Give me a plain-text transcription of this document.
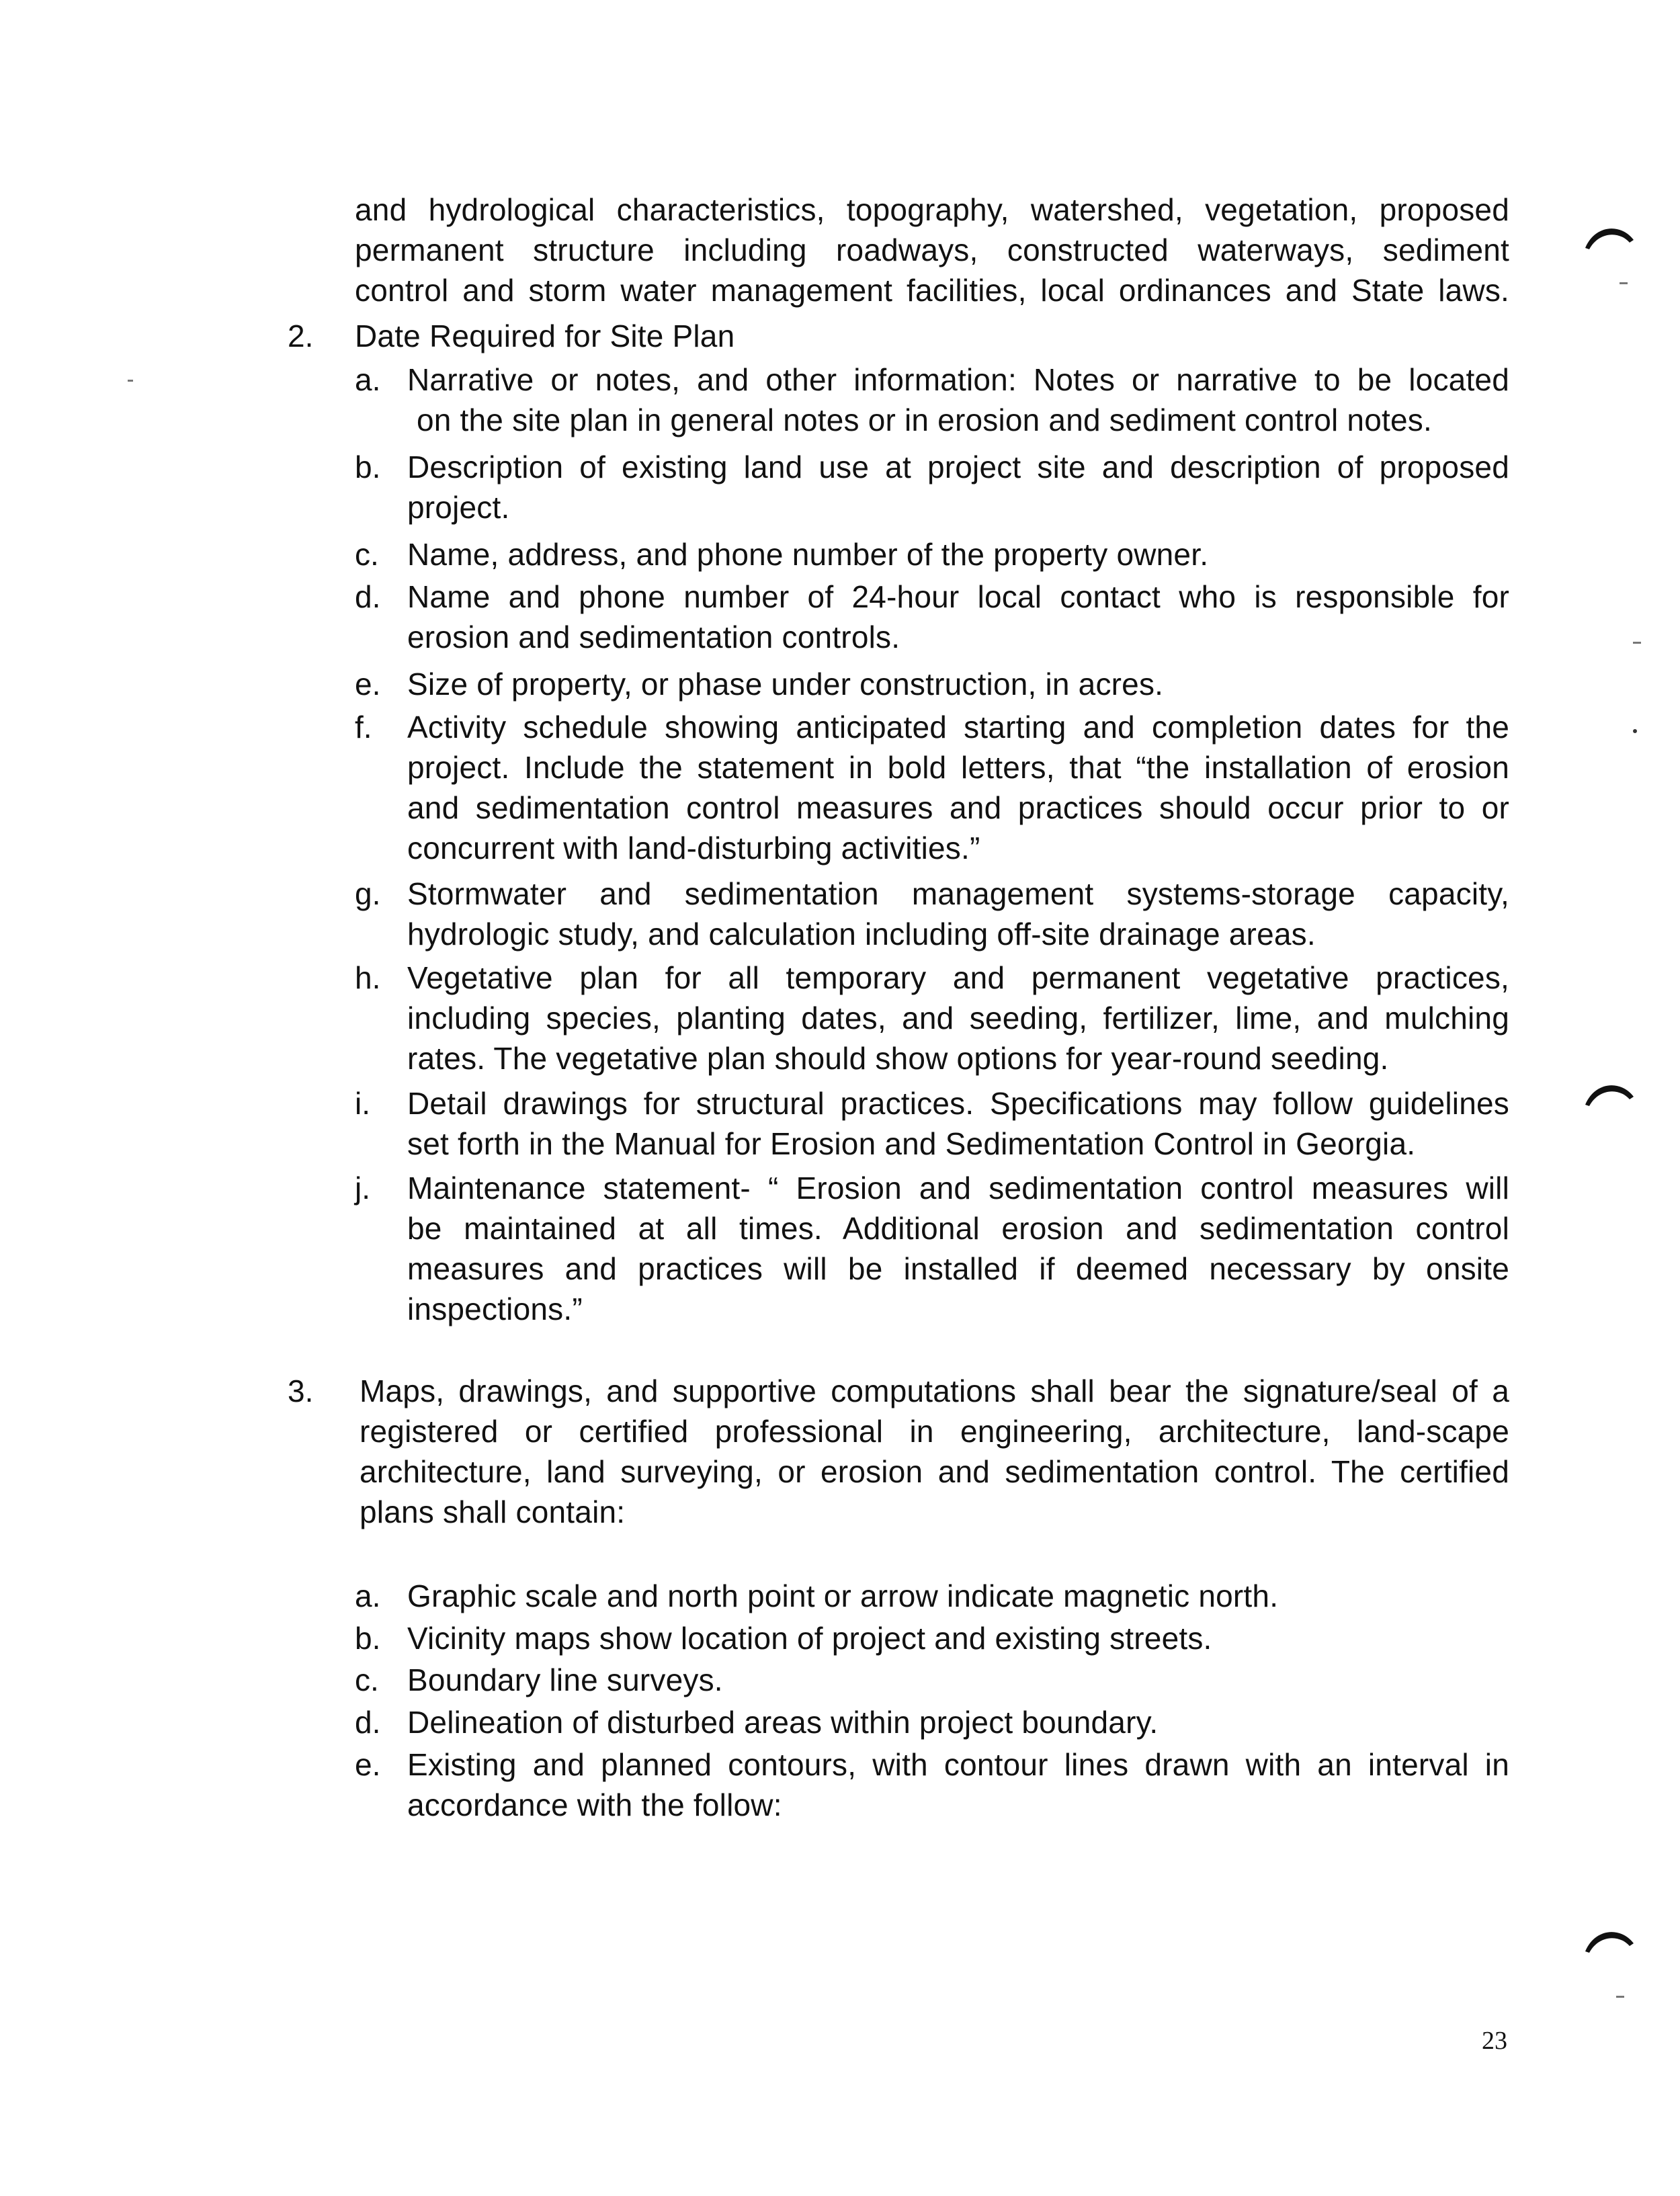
and hydrological characteristics, topography, watershed, vegetation, proposed
permanent structure including roadways, constructed waterways, sediment
control and storm water management facilities, local ordinances and State laws.
2. Date Required for Site Plan
a. Narrative or notes, and other information: Notes or narrative to be located
on the site plan in general notes or in erosion and sediment control notes.
b. Description of existing land use at project site and description of proposed
project.
c. Name, address, and phone number of the property owner.
d. Name and phone number of 24-hour local contact who is responsible for
erosion and sedimentation controls.
e. Size of property, or phase under construction, in acres.
f. Activity schedule showing anticipated starting and completion dates for the
project. Include the statement in bold letters, that “the installation of erosion
and sedimentation control measures and practices should occur prior to or
concurrent with land-disturbing activities.”
g. Stormwater and sedimentation management systems-storage capacity,
hydrologic study, and calculation including off-site drainage areas.
h. Vegetative plan for all temporary and permanent vegetative practices,
including species, planting dates, and seeding, fertilizer, lime, and mulching
rates. The vegetative plan should show options for year-round seeding.
i. Detail drawings for structural practices. Specifications may follow guidelines
set forth in the Manual for Erosion and Sedimentation Control in Georgia.
j. Maintenance statement- “ Erosion and sedimentation control measures will
be maintained at all times. Additional erosion and sedimentation control
measures and practices will be installed if deemed necessary by onsite
inspections.”
3. Maps, drawings, and supportive computations shall bear the signature/seal of a
registered or certified professional in engineering, architecture, land-scape
architecture, land surveying, or erosion and sedimentation control. The certified
plans shall contain:
a. Graphic scale and north point or arrow indicate magnetic north.
b. Vicinity maps show location of project and existing streets.
c. Boundary line surveys.
d. Delineation of disturbed areas within project boundary.
e. Existing and planned contours, with contour lines drawn with an interval in
accordance with the follow:
23
